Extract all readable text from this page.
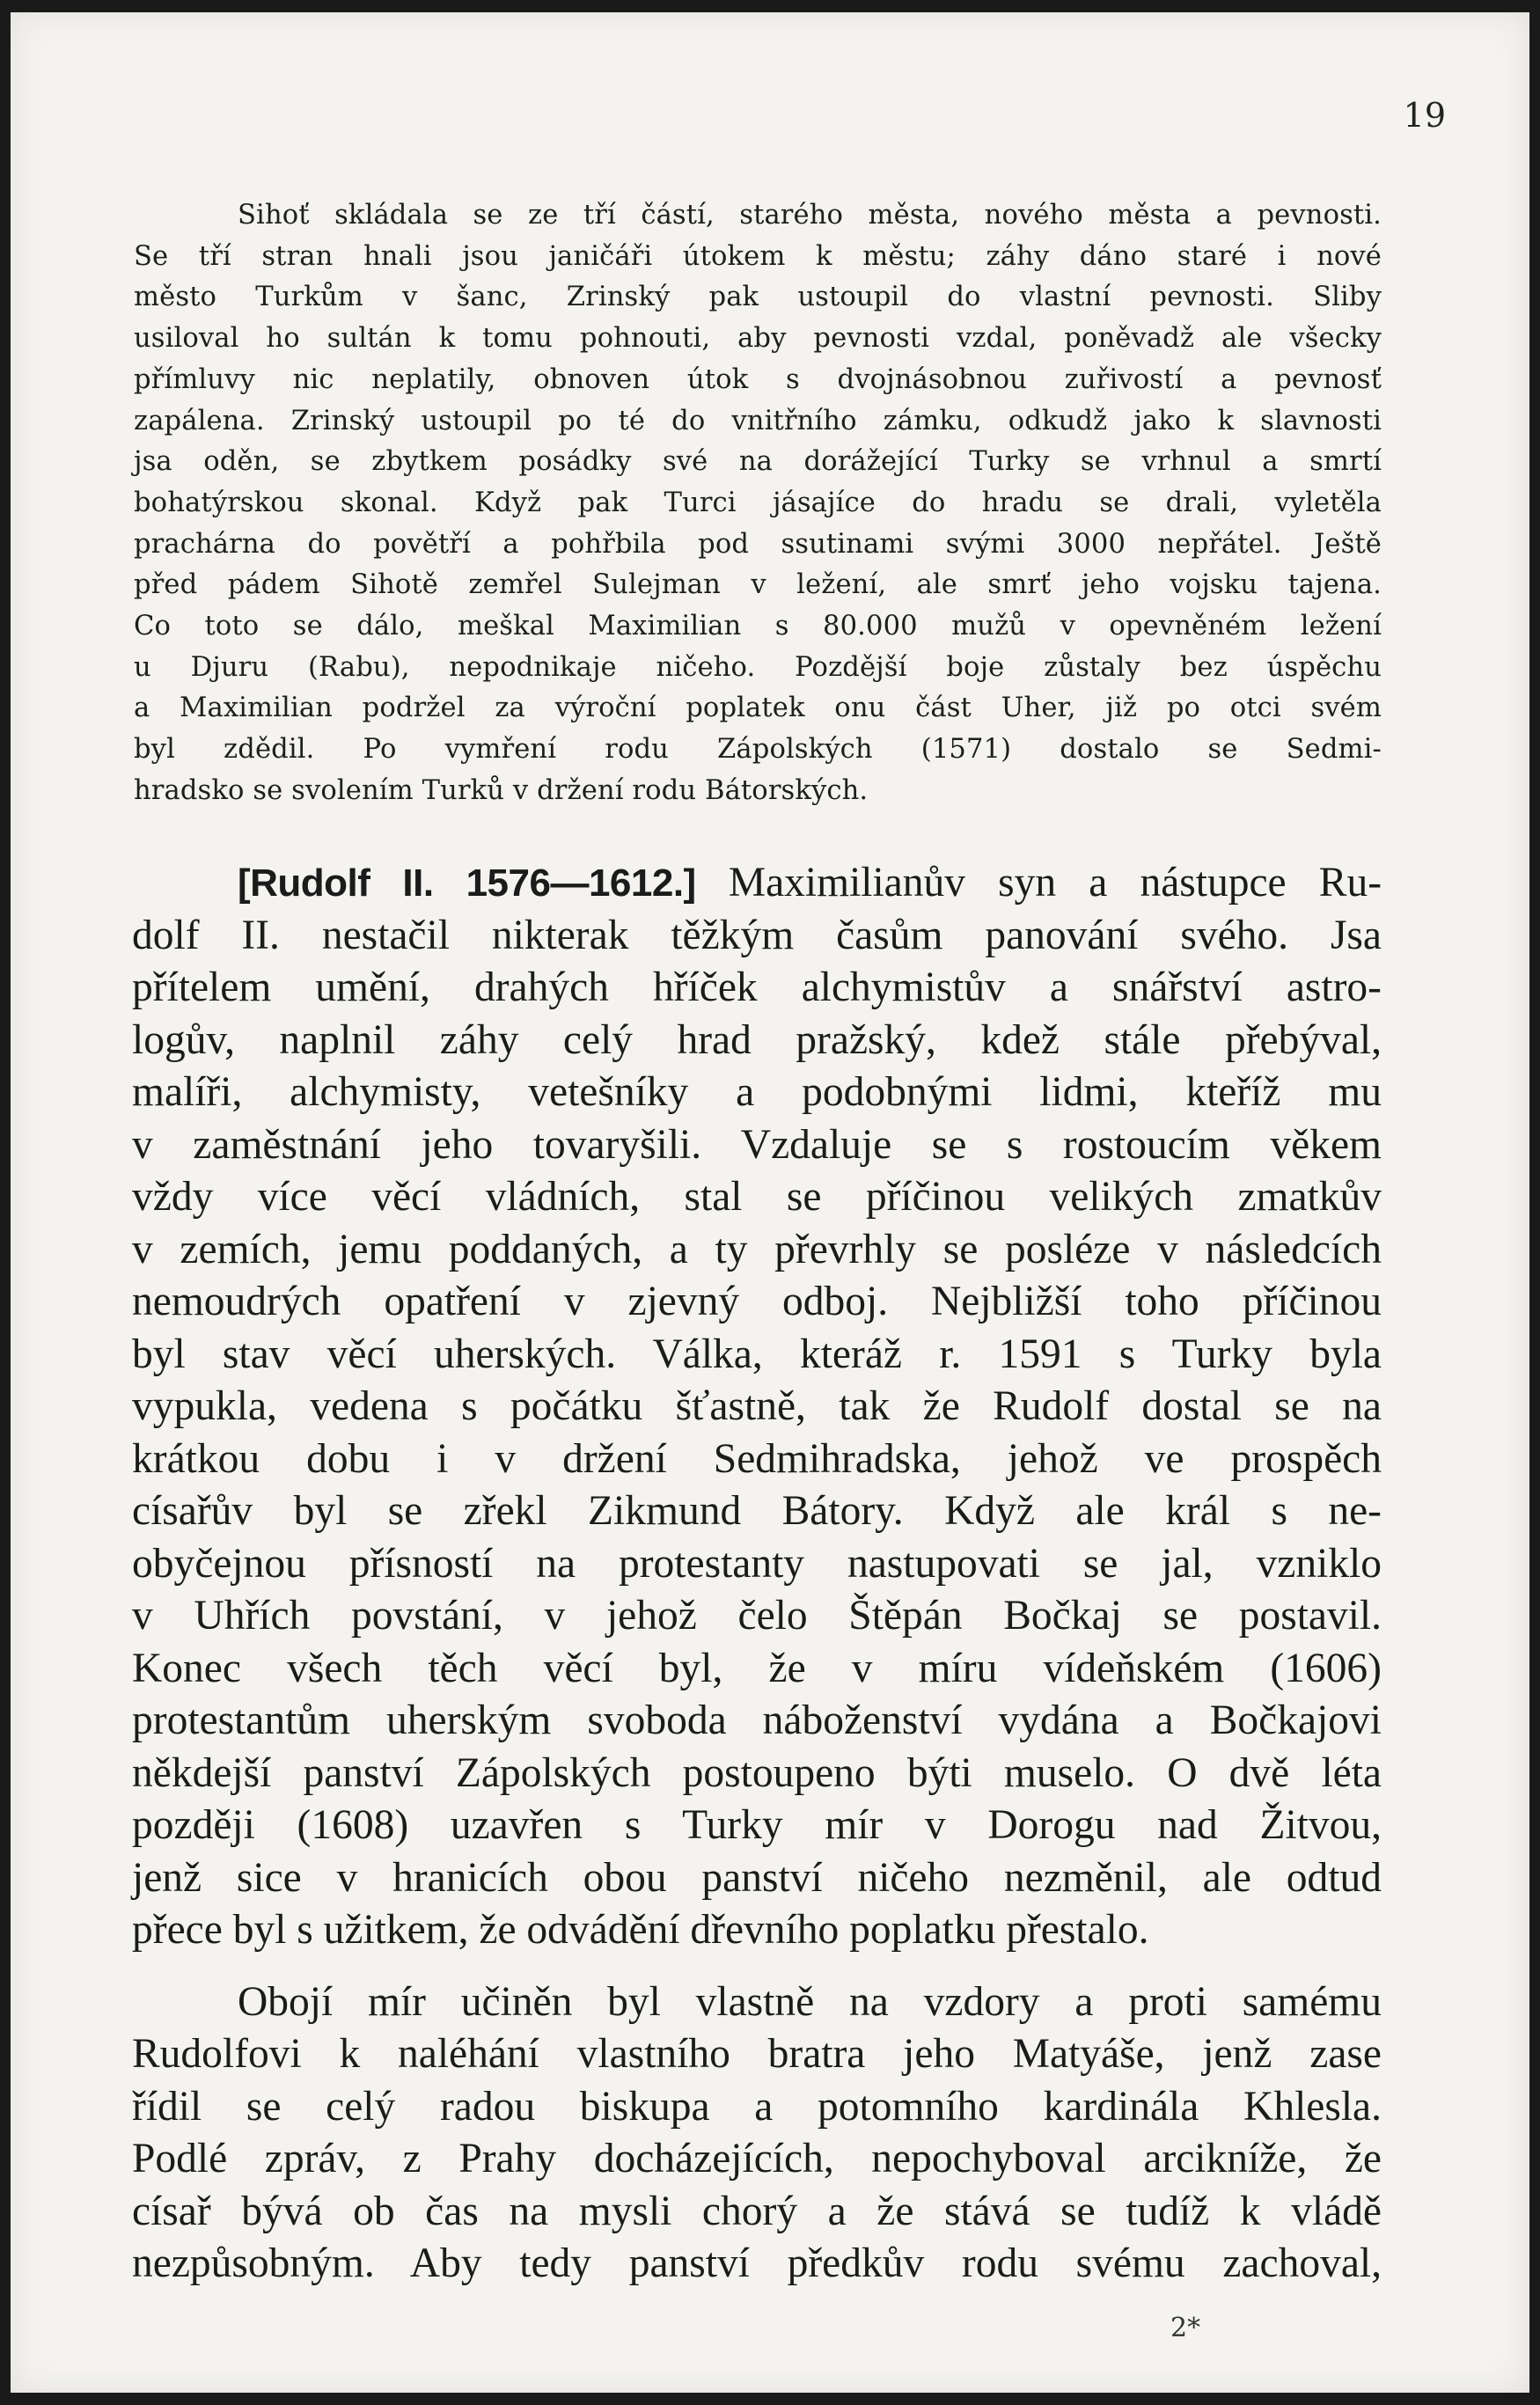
19
Sihoť skládala se ze tří částí, starého města, nového města a pevnosti.
Se tří stran hnali jsou janičáři útokem k městu; záhy dáno staré i nové
město Turkům v šanc, Zrinský pak ustoupil do vlastní pevnosti. Sliby
usiloval ho sultán k tomu pohnouti, aby pevnosti vzdal, poněvadž ale všecky
přímluvy nic neplatily, obnoven útok s dvojnásobnou zuřivostí a pevnosť
zapálena. Zrinský ustoupil po té do vnitřního zámku, odkudž jako k slavnosti
jsa oděn, se zbytkem posádky své na dorážející Turky se vrhnul a smrtí
bohatýrskou skonal. Když pak Turci jásajíce do hradu se drali, vyletěla
prachárna do povětří a pohřbila pod ssutinami svými 3000 nepřátel. Ještě
před pádem Sihotě zemřel Sulejman v ležení, ale smrť jeho vojsku tajena.
Co toto se dálo, meškal Maximilian s 80.000 mužů v opevněném ležení
u Djuru (Rabu), nepodnikaje ničeho. Pozdější boje zůstaly bez úspěchu
a Maximilian podržel za výroční poplatek onu část Uher, již po otci svém
byl zdědil. Po vymření rodu Zápolských (1571) dostalo se Sedmi-
hradsko se svolením Turků v držení rodu Bátorských.
[Rudolf II. 1576—1612.] Maximilianův syn a nástupce Ru-
dolf II. nestačil nikterak těžkým časům panování svého. Jsa
přítelem umění, drahých hříček alchymistův a snářství astro-
logův, naplnil záhy celý hrad pražský, kdež stále přebýval,
malíři, alchymisty, vetešníky a podobnými lidmi, kteříž mu
v zaměstnání jeho tovaryšili. Vzdaluje se s rostoucím věkem
vždy více věcí vládních, stal se příčinou velikých zmatkův
v zemích, jemu poddaných, a ty převrhly se posléze v následcích
nemoudrých opatření v zjevný odboj. Nejbližší toho příčinou
byl stav věcí uherských. Válka, kteráž r. 1591 s Turky byla
vypukla, vedena s počátku šťastně, tak že Rudolf dostal se na
krátkou dobu i v držení Sedmihradska, jehož ve prospěch
císařův byl se zřekl Zikmund Bátory. Když ale král s ne-
obyčejnou přísností na protestanty nastupovati se jal, vzniklo
v Uhřích povstání, v jehož čelo Štěpán Bočkaj se postavil.
Konec všech těch věcí byl, že v míru vídeňském (1606)
protestantům uherským svoboda náboženství vydána a Bočkajovi
někdejší panství Zápolských postoupeno býti muselo. O dvě léta
později (1608) uzavřen s Turky mír v Dorogu nad Žitvou,
jenž sice v hranicích obou panství ničeho nezměnil, ale odtud
přece byl s užitkem, že odvádění dřevního poplatku přestalo.
Obojí mír učiněn byl vlastně na vzdory a proti samému
Rudolfovi k naléhání vlastního bratra jeho Matyáše, jenž zase
řídil se celý radou biskupa a potomního kardinála Khlesla.
Podlé zpráv, z Prahy docházejících, nepochyboval arcikníže, že
císař bývá ob čas na mysli chorý a že stává se tudíž k vládě
nezpůsobným. Aby tedy panství předkův rodu svému zachoval,
2*
